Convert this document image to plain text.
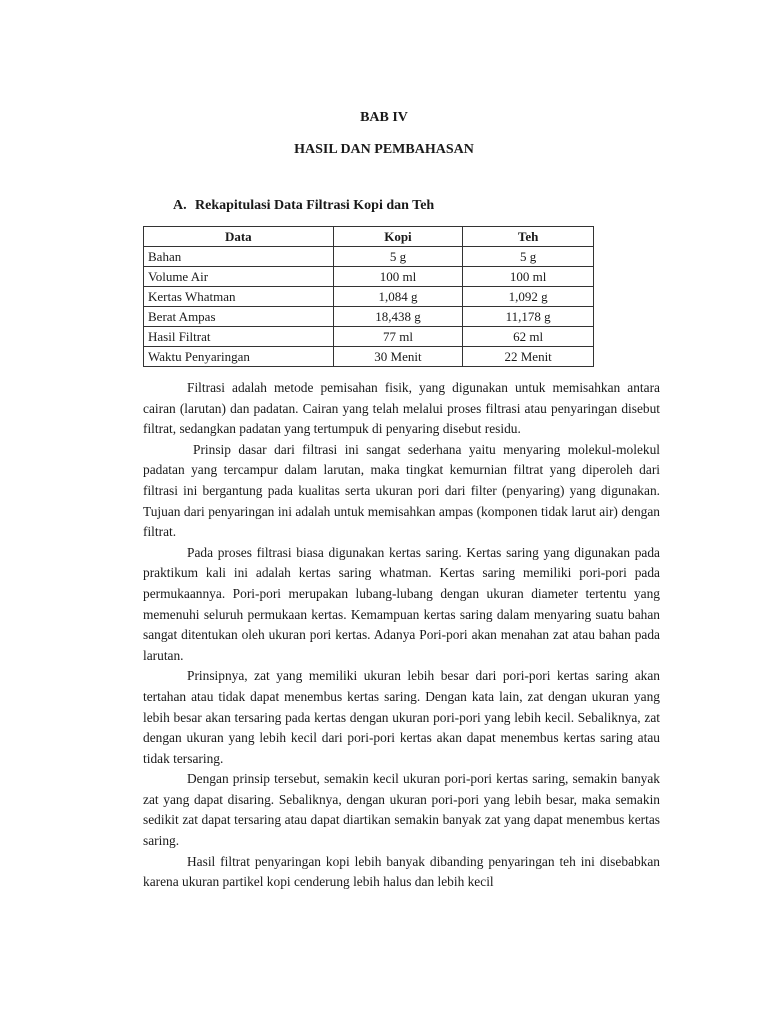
BAB IV
HASIL DAN PEMBAHASAN
A. Rekapitulasi Data Filtrasi Kopi dan Teh
Data	Kopi	Teh
Bahan	5 g	5 g
Volume Air	100 ml	100 ml
Kertas Whatman	1,084 g	1,092 g
Berat Ampas	18,438 g	11,178 g
Hasil Filtrat	77 ml	62 ml
Waktu Penyaringan	30 Menit	22 Menit

Filtrasi adalah metode pemisahan fisik, yang digunakan untuk memisahkan antara cairan (larutan) dan padatan. Cairan yang telah melalui proses filtrasi atau penyaringan disebut filtrat, sedangkan padatan yang tertumpuk di penyaring disebut residu.

Prinsip dasar dari filtrasi ini sangat sederhana yaitu menyaring molekul-molekul padatan yang tercampur dalam larutan, maka tingkat kemurnian filtrat yang diperoleh dari filtrasi ini bergantung pada kualitas serta ukuran pori dari filter (penyaring) yang digunakan. Tujuan dari penyaringan ini adalah untuk memisahkan ampas (komponen tidak larut air) dengan filtrat.

Pada proses filtrasi biasa digunakan kertas saring. Kertas saring yang digunakan pada praktikum kali ini adalah kertas saring whatman. Kertas saring memiliki pori-pori pada permukaannya. Pori-pori merupakan lubang-lubang dengan ukuran diameter tertentu yang memenuhi seluruh permukaan kertas. Kemampuan kertas saring dalam menyaring suatu bahan sangat ditentukan oleh ukuran pori kertas. Adanya Pori-pori akan menahan zat atau bahan pada larutan.

Prinsipnya, zat yang memiliki ukuran lebih besar dari pori-pori kertas saring akan tertahan atau tidak dapat menembus kertas saring. Dengan kata lain, zat dengan ukuran yang lebih besar akan tersaring pada kertas dengan ukuran pori-pori yang lebih kecil. Sebaliknya, zat dengan ukuran yang lebih kecil dari pori-pori kertas akan dapat menembus kertas saring atau tidak tersaring.

Dengan prinsip tersebut, semakin kecil ukuran pori-pori kertas saring, semakin banyak zat yang dapat disaring. Sebaliknya, dengan ukuran pori-pori yang lebih besar, maka semakin sedikit zat dapat tersaring atau dapat diartikan semakin banyak zat yang dapat menembus kertas saring.

Hasil filtrat penyaringan kopi lebih banyak dibanding penyaringan teh ini disebabkan karena ukuran partikel kopi cenderung lebih halus dan lebih kecil
